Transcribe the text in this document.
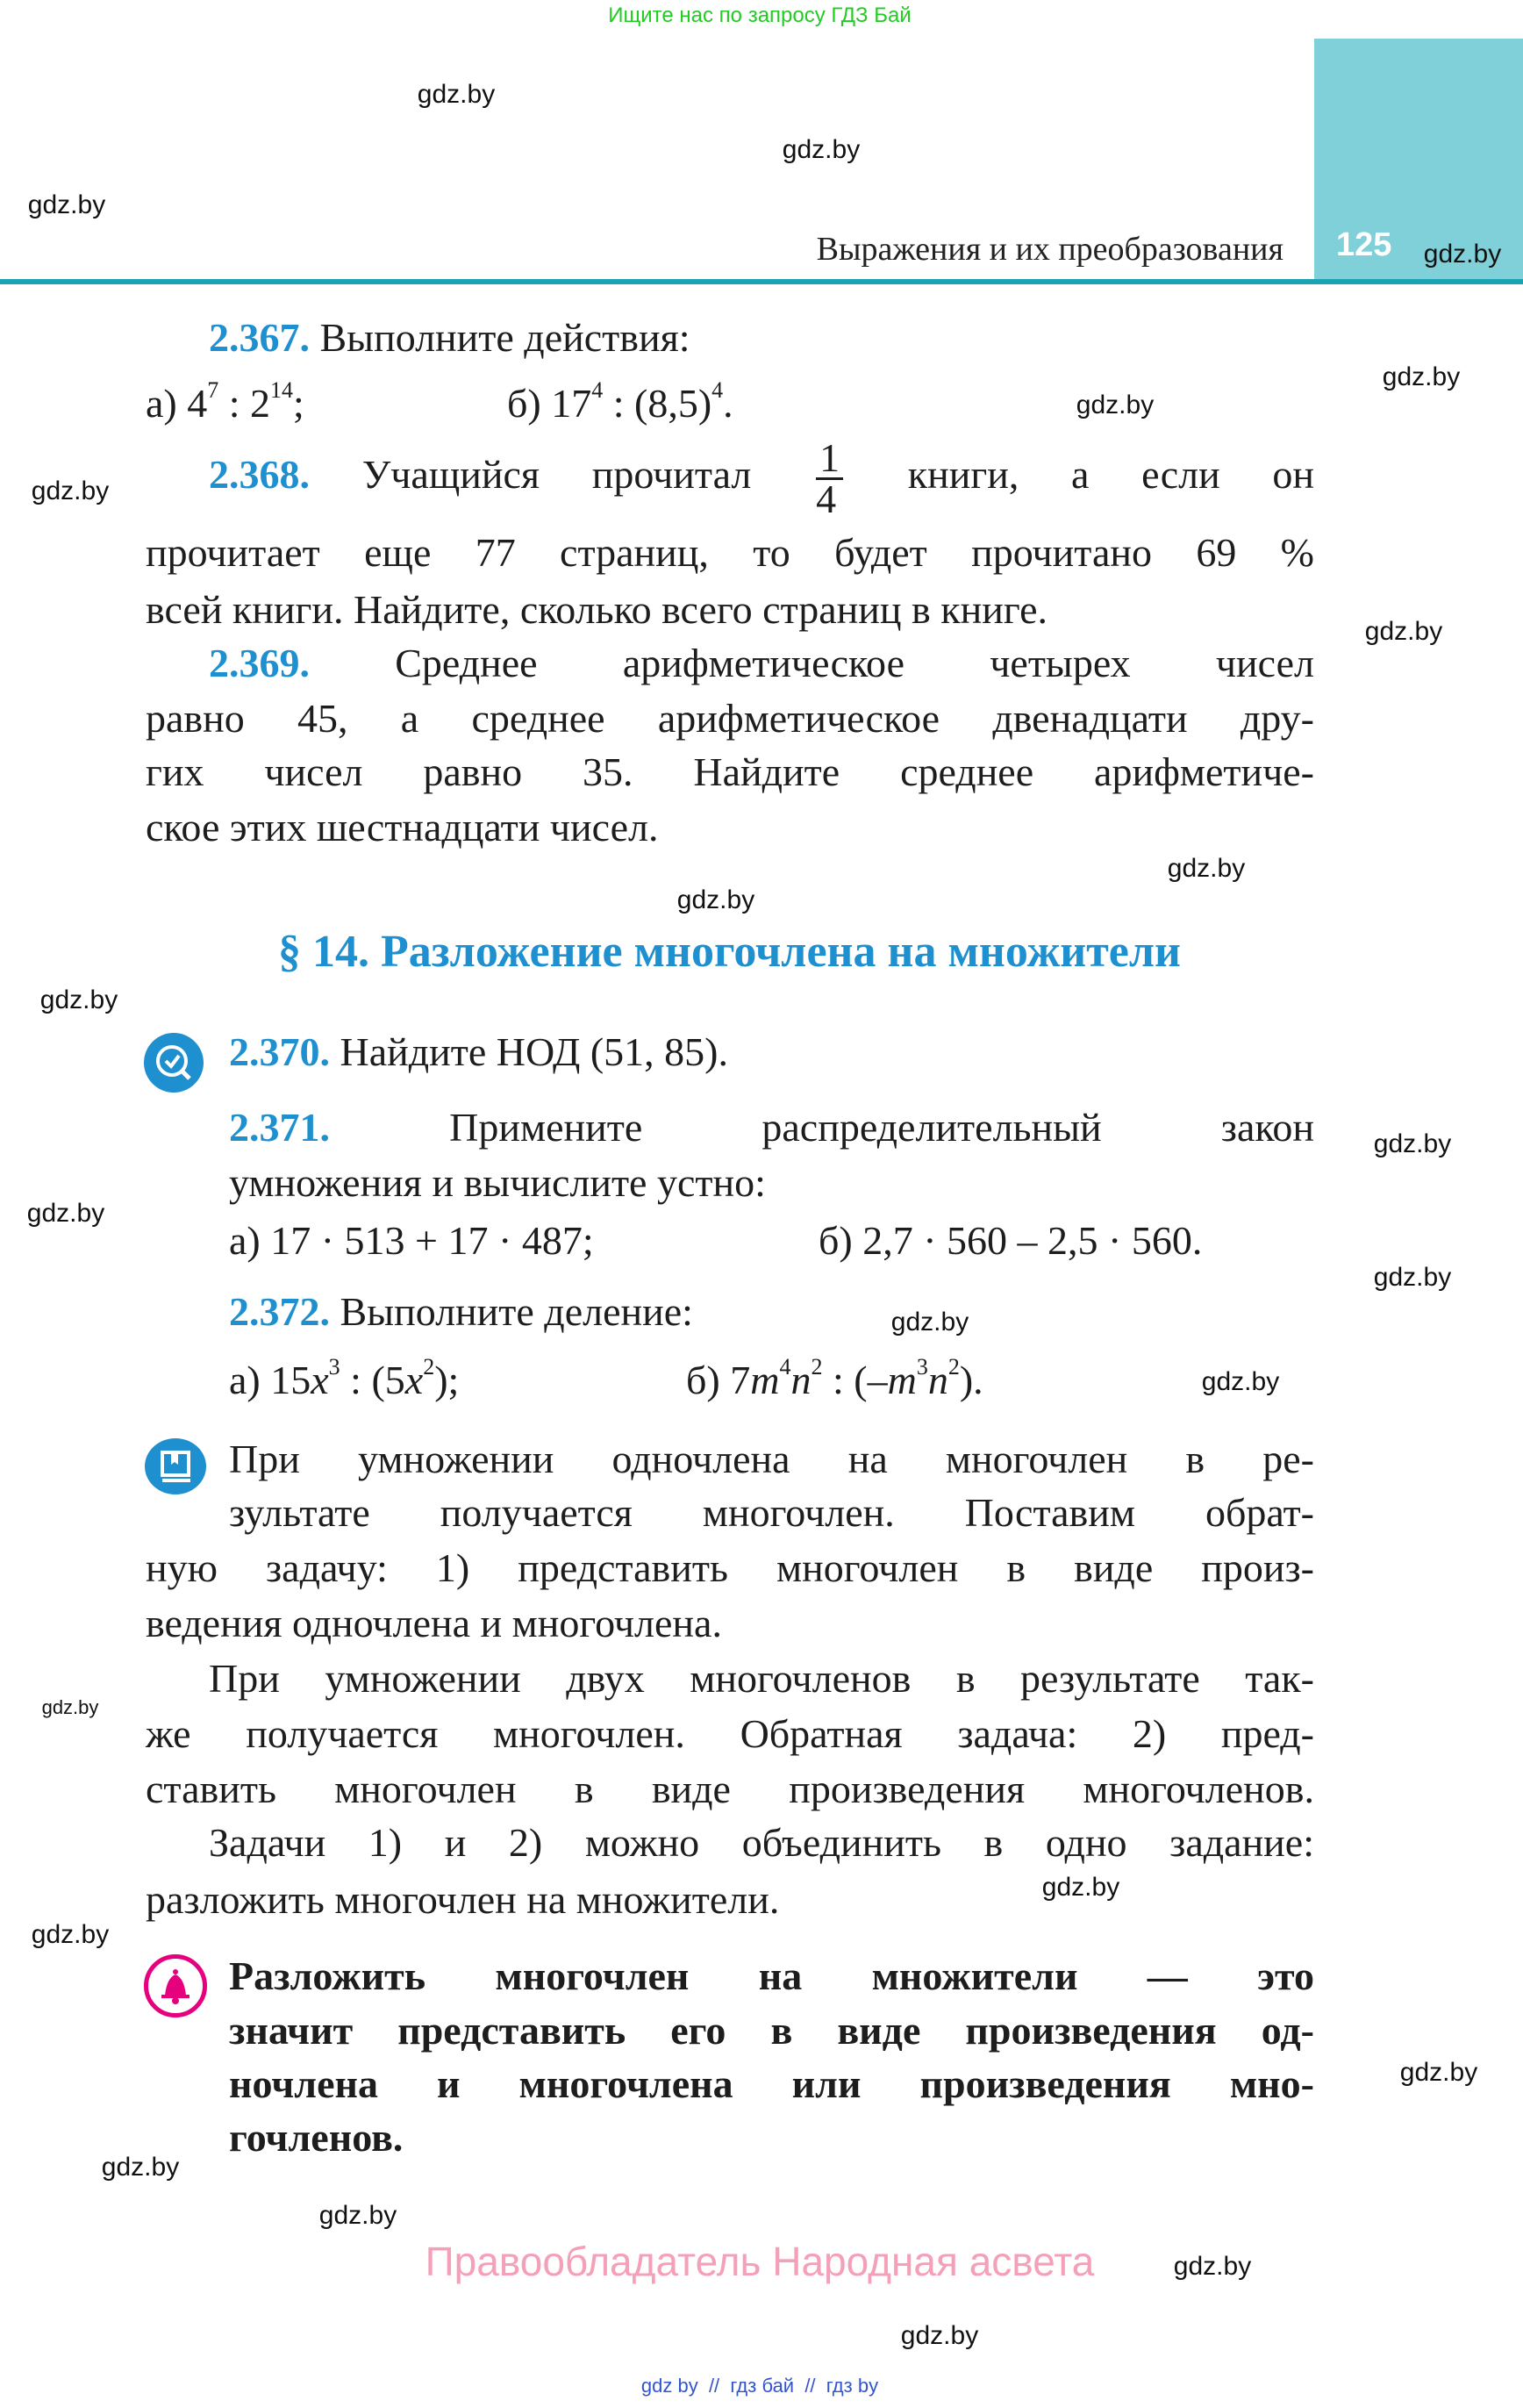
Ищите нас по запросу ГДЗ Бай
125
Выражения и их преобразования
2.367. Выполните действия:
а) $4^7$ : $2^{14}$;	б) $17^4$ : $(8,5)^4$.
2.368. Учащийся прочитал $\frac{1}{4}$ книги, а если он
прочитает еще 77 страниц, то будет прочитано 69 %
всей книги. Найдите, сколько всего страниц в книге.
2.369. Среднее арифметическое четырех чисел
равно 45, а среднее арифметическое двенадцати дру-
гих чисел равно 35. Найдите среднее арифметиче-
ское этих шестнадцати чисел.
§ 14. Разложение многочлена на множители
2.370. Найдите НОД (51, 85).
2.371.	Примените распределительный закон
умножения и вычислите устно:
а) 17 · 513 + 17 · 487;	б) 2,7 · 560 – 2,5 · 560.
2.372. Выполните деление:
а) $15x^3$ : $(5x^2)$;	б) $7m^4n^2$ : $(-m^3n^2)$.
При умножении одночлена на многочлен в ре-
зультате получается многочлен. Поставим обрат-
ную задачу: 1) представить многочлен в виде произ-
ведения одночлена и многочлена.
При умножении двух многочленов в результате так-
же получается многочлен. Обратная задача: 2) пред-
ставить многочлен в виде произведения многочленов.
Задачи 1) и 2) можно объединить в одно задание:
разложить многочлен на множители.
Разложить многочлен на множители — это
значит представить его в виде произведения од-
ночлена и многочлена или произведения мно-
гочленов.
Правообладатель Народная асвета
gdz by  //  гдз бай  //  гдз by
gdz.by
gdz.by
gdz.by
gdz.by
gdz.by
gdz.by
gdz.by
gdz.by
gdz.by
gdz.by
gdz.by
gdz.by
gdz.by
gdz.by
gdz.by
gdz.by
gdz.by
gdz.by
gdz.by
gdz.by
gdz.by
gdz.by
gdz.by
gdz.by
